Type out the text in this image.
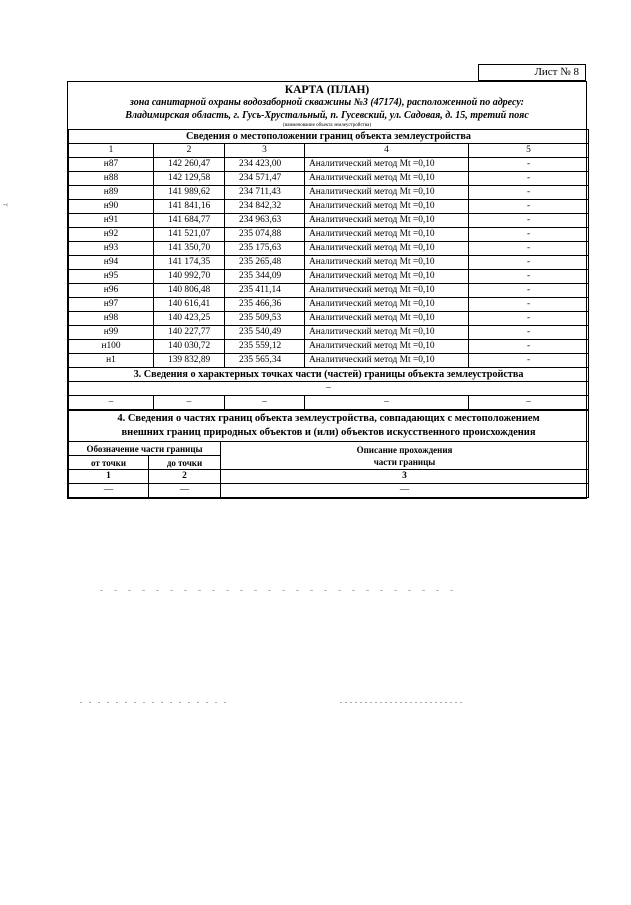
Лист № 8
КАРТА (ПЛАН)
зона санитарной охраны водозаборной скважины №3 (47174), расположенной по адресу:
Владимирская область, г. Гусь-Хрустальный, п. Гусевский, ул. Садовая, д. 15, третий пояс
(наименование объекта землеустройства)
Сведения о местоположении границ объекта землеустройства				
1	2	3	4	5
н87	142 260,47	234 423,00	Аналитический метод Mt =0,10	-
н88	142 129,58	234 571,47	Аналитический метод Mt =0,10	-
н89	141 989,62	234 711,43	Аналитический метод Mt =0,10	-
н90	141 841,16	234 842,32	Аналитический метод Mt =0,10	-
н91	141 684,77	234 963,63	Аналитический метод Mt =0,10	-
н92	141 521,07	235 074,88	Аналитический метод Mt =0,10	-
н93	141 350,70	235 175,63	Аналитический метод Mt =0,10	-
н94	141 174,35	235 265,48	Аналитический метод Mt =0,10	-
н95	140 992,70	235 344,09	Аналитический метод Mt =0,10	-
н96	140 806,48	235 411,14	Аналитический метод Mt =0,10	-
н97	140 616,41	235 466,36	Аналитический метод Mt =0,10	-
н98	140 423,25	235 509,53	Аналитический метод Mt =0,10	-
н99	140 227,77	235 540,49	Аналитический метод Mt =0,10	-
н100	140 030,72	235 559,12	Аналитический метод Mt =0,10	-
н1	139 832,89	235 565,34	Аналитический метод Mt =0,10	-
3. Сведения о характерных точках части (частей) границы объекта землеустройства				
–				
–	–	–	–	–
4. Сведения о частях границ объекта землеустройства, совпадающих с местоположением
внешних границ природных объектов и (или) объектов искусственного происхождения		

Обозначение части границы		Описание прохождения
части границы

от точки	до точки	
1	2	3
—	—	—
-‹
